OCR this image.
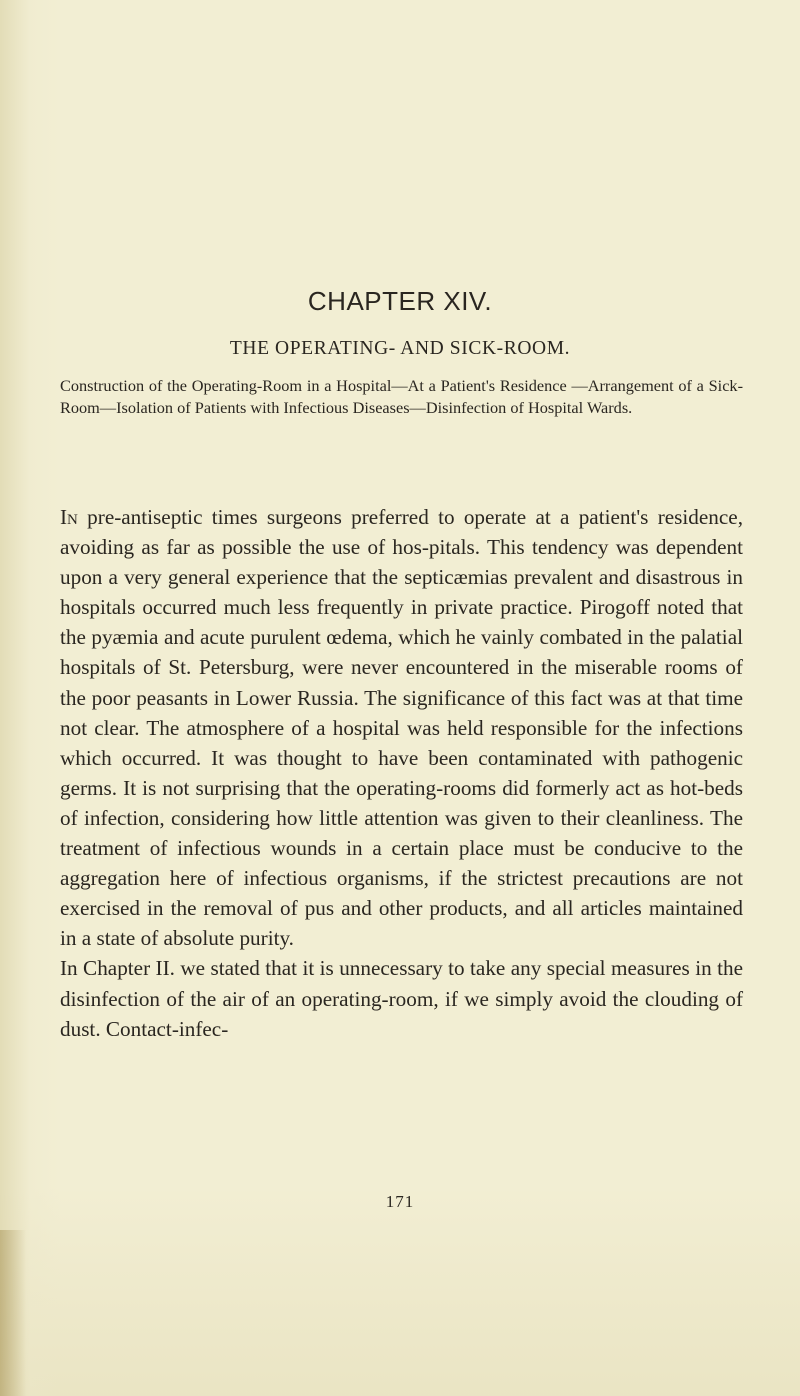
CHAPTER XIV.
THE OPERATING- AND SICK-ROOM.
Construction of the Operating-Room in a Hospital—At a Patient's Residence —Arrangement of a Sick-Room—Isolation of Patients with Infectious Diseases—Disinfection of Hospital Wards.

In pre-antiseptic times surgeons preferred to operate at a patient's residence, avoiding as far as possible the use of hos-pitals. This tendency was dependent upon a very general experience that the septicæmias prevalent and disastrous in hospitals occurred much less frequently in private practice. Pirogoff noted that the pyæmia and acute purulent œdema, which he vainly combated in the palatial hospitals of St. Petersburg, were never encountered in the miserable rooms of the poor peasants in Lower Russia. The significance of this fact was at that time not clear. The atmosphere of a hospital was held responsible for the infections which occurred. It was thought to have been contaminated with pathogenic germs. It is not surprising that the operating-rooms did formerly act as hot-beds of infection, considering how little attention was given to their cleanliness. The treatment of infectious wounds in a certain place must be conducive to the aggregation here of infectious organisms, if the strictest precautions are not exercised in the removal of pus and other products, and all articles maintained in a state of absolute purity.

In Chapter II. we stated that it is unnecessary to take any special measures in the disinfection of the air of an operating-room, if we simply avoid the clouding of dust. Contact-infec-

171
